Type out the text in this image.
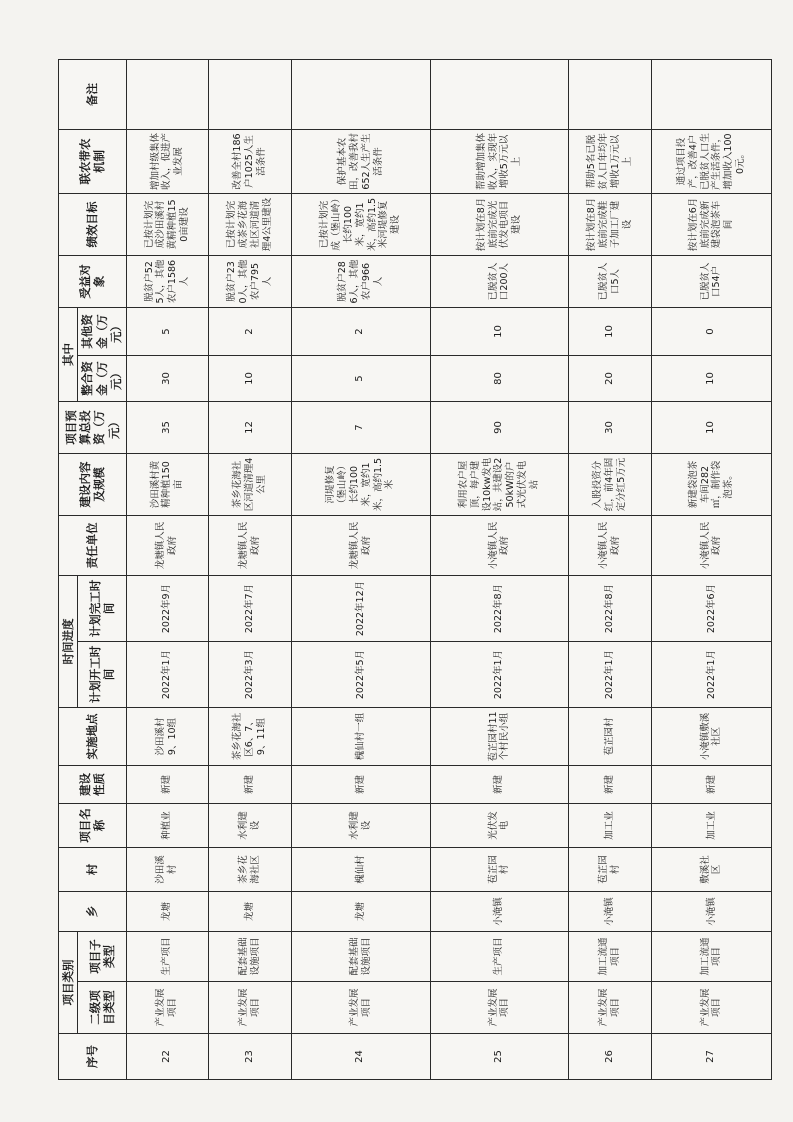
序号	项目类别		乡	村	项目名称	建设性质	实施地点	时间进度		责任单位	建设内容及规模	项目预算总投资（万元）	其中		受益对象	绩效目标	联农带农机制	备注
	二级项目类型	项目子类型						计划开工时间	计划完工时间				整合资金（万元）	其他资金（万元）				
22	产业发展项目	生产项目	龙塘	沙田溪村	种植业	新建	沙田溪村9、10组	2022年1月	2022年9月	龙塘镇人民政府	沙田溪村黄精种植150亩	35	30	5	脱贫户525人，其他农户1586人	已按计划完成沙田溪村黄精种植150亩建设	增加村级集体收入，促进产业发展	
23	产业发展项目	配套基础设施项目	龙塘	茶乡花海社区	水利建设	新建	茶乡花海社区6、7、9、11组	2022年3月	2022年7月	龙塘镇人民政府	茶乡花海社区河道清理4公里	12	10	2	脱贫户230人，其他农户795人	已按计划完成茶乡花海社区河道清理4公里建设	改善全村186户1025人生活条件	
24	产业发展项目	配套基础设施项目	龙塘	槐仙村	水利建设	新建	槐仙村一组	2022年5月	2022年12月	龙塘镇人民政府	河堤修复（堡山岭）长约100米，宽约1米，高约1.5米	7	5	2	脱贫户286人，其他农户966人	已按计划完成（堡山岭）长约100米，宽约1米，高约1.5米河堤修复建设	保护基本农田，改善我村652人生产生活条件	
25	产业发展项目	生产项目	小淹镇	苞芷园村	光伏发电	新建	苞芷园村11个村民小组	2022年1月	2022年8月	小淹镇人民政府	利用农户屋顶，每户建设10kw发电站，共建设250kW的户式光伏发电站	90	80	10	已脱贫人口200人	按计划在8月底前完成光伏发电项目建设	帮助增加集体收入，实现年增收5万元以上	
26	产业发展项目	加工流通项目	小淹镇	苞芷园村	加工业	新建	苞芷园村	2022年1月	2022年8月	小淹镇人民政府	入股投资分红，前4年固定分红5万元	30	20	10	已脱贫人口5人	按计划在8月底前完成鞋子加工厂建设	帮助5名已脱贫人口年均年增收1万元以上	
27	产业发展项目	加工流通项目	小淹镇	敷溪社区	加工业	新建	小淹镇敷溪社区	2022年1月	2022年6月	小淹镇人民政府	新建袋泡茶车间282㎡，制作袋泡茶。	10	10	0	已脱贫人口54户	按计划在6月底前完成新建袋泡茶车间	通过项目投产，改善4户已脱贫人口生产生活条件，增加收入1000元。	
